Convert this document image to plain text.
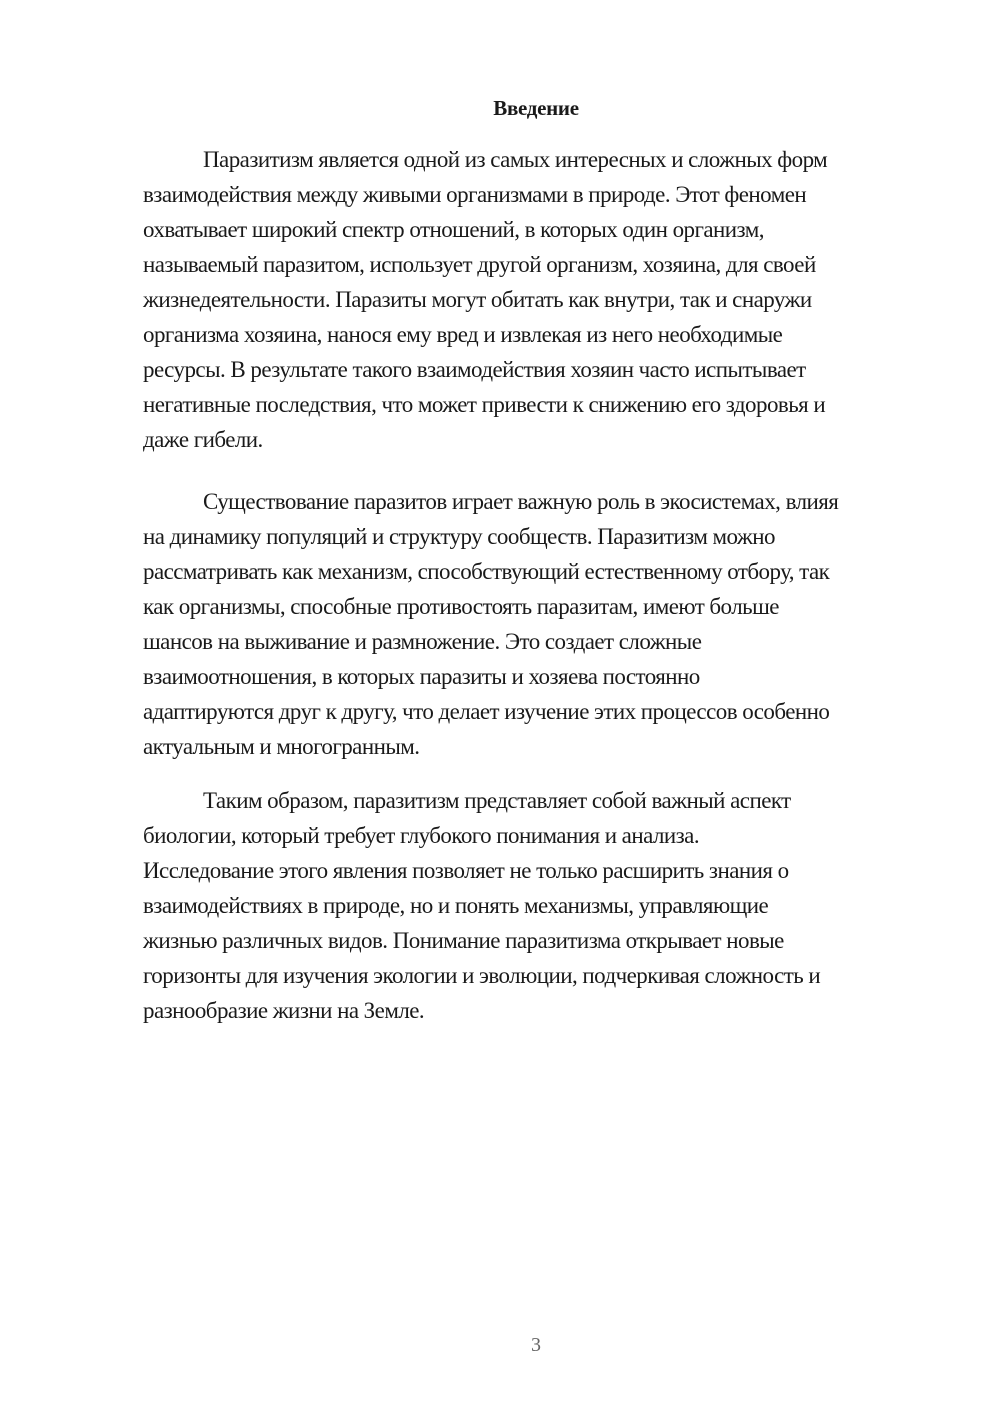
Введение
Паразитизм является одной из самых интересных и сложных форм
взаимодействия между живыми организмами в природе. Этот феномен
охватывает широкий спектр отношений, в которых один организм,
называемый паразитом, использует другой организм, хозяина, для своей
жизнедеятельности. Паразиты могут обитать как внутри, так и снаружи
организма хозяина, нанося ему вред и извлекая из него необходимые
ресурсы. В результате такого взаимодействия хозяин часто испытывает
негативные последствия, что может привести к снижению его здоровья и
даже гибели.
Существование паразитов играет важную роль в экосистемах, влияя
на динамику популяций и структуру сообществ. Паразитизм можно
рассматривать как механизм, способствующий естественному отбору, так
как организмы, способные противостоять паразитам, имеют больше
шансов на выживание и размножение. Это создает сложные
взаимоотношения, в которых паразиты и хозяева постоянно
адаптируются друг к другу, что делает изучение этих процессов особенно
актуальным и многогранным.
Таким образом, паразитизм представляет собой важный аспект
биологии, который требует глубокого понимания и анализа.
Исследование этого явления позволяет не только расширить знания о
взаимодействиях в природе, но и понять механизмы, управляющие
жизнью различных видов. Понимание паразитизма открывает новые
горизонты для изучения экологии и эволюции, подчеркивая сложность и
разнообразие жизни на Земле.
3
